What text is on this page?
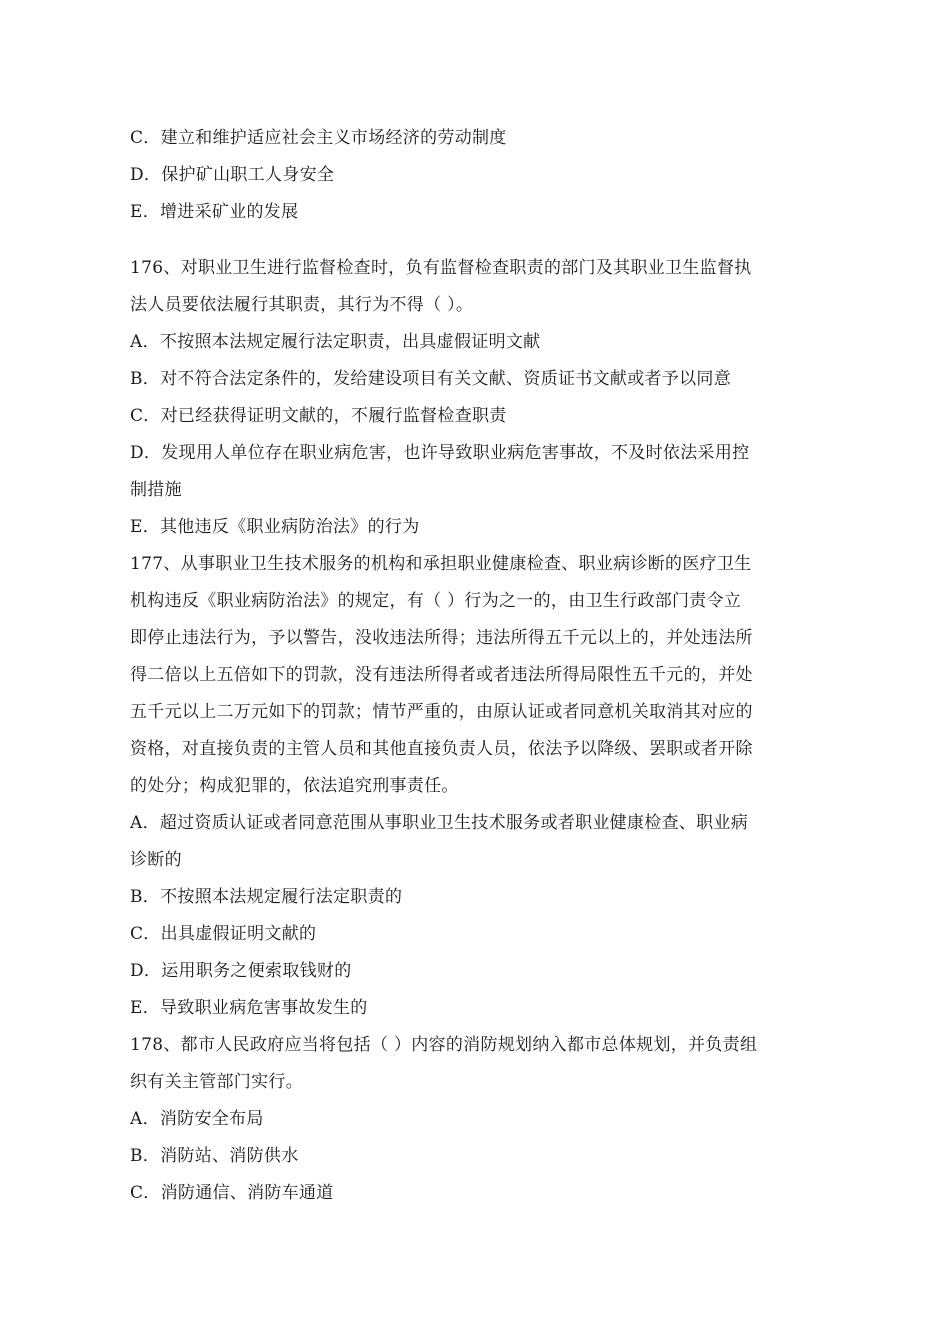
C．建立和维护适应社会主义市场经济的劳动制度
D．保护矿山职工人身安全
E．增进采矿业的发展
176、对职业卫生进行监督检查时，负有监督检查职责的部门及其职业卫生监督执
法人员要依法履行其职责，其行为不得（ ）。
A．不按照本法规定履行法定职责，出具虚假证明文献
B．对不符合法定条件的，发给建设项目有关文献、资质证书文献或者予以同意
C．对已经获得证明文献的，不履行监督检查职责
D．发现用人单位存在职业病危害，也许导致职业病危害事故，不及时依法采用控
制措施
E．其他违反《职业病防治法》的行为
177、从事职业卫生技术服务的机构和承担职业健康检查、职业病诊断的医疗卫生
机构违反《职业病防治法》的规定，有（ ）行为之一的，由卫生行政部门责令立
即停止违法行为，予以警告，没收违法所得；违法所得五千元以上的，并处违法所
得二倍以上五倍如下的罚款，没有违法所得者或者违法所得局限性五千元的，并处
五千元以上二万元如下的罚款；情节严重的，由原认证或者同意机关取消其对应的
资格，对直接负责的主管人员和其他直接负责人员，依法予以降级、罢职或者开除
的处分；构成犯罪的，依法追究刑事责任。
A．超过资质认证或者同意范围从事职业卫生技术服务或者职业健康检查、职业病
诊断的
B．不按照本法规定履行法定职责的
C．出具虚假证明文献的
D．运用职务之便索取钱财的
E．导致职业病危害事故发生的
178、都市人民政府应当将包括（ ）内容的消防规划纳入都市总体规划，并负责组
织有关主管部门实行。
A．消防安全布局
B．消防站、消防供水
C．消防通信、消防车通道
